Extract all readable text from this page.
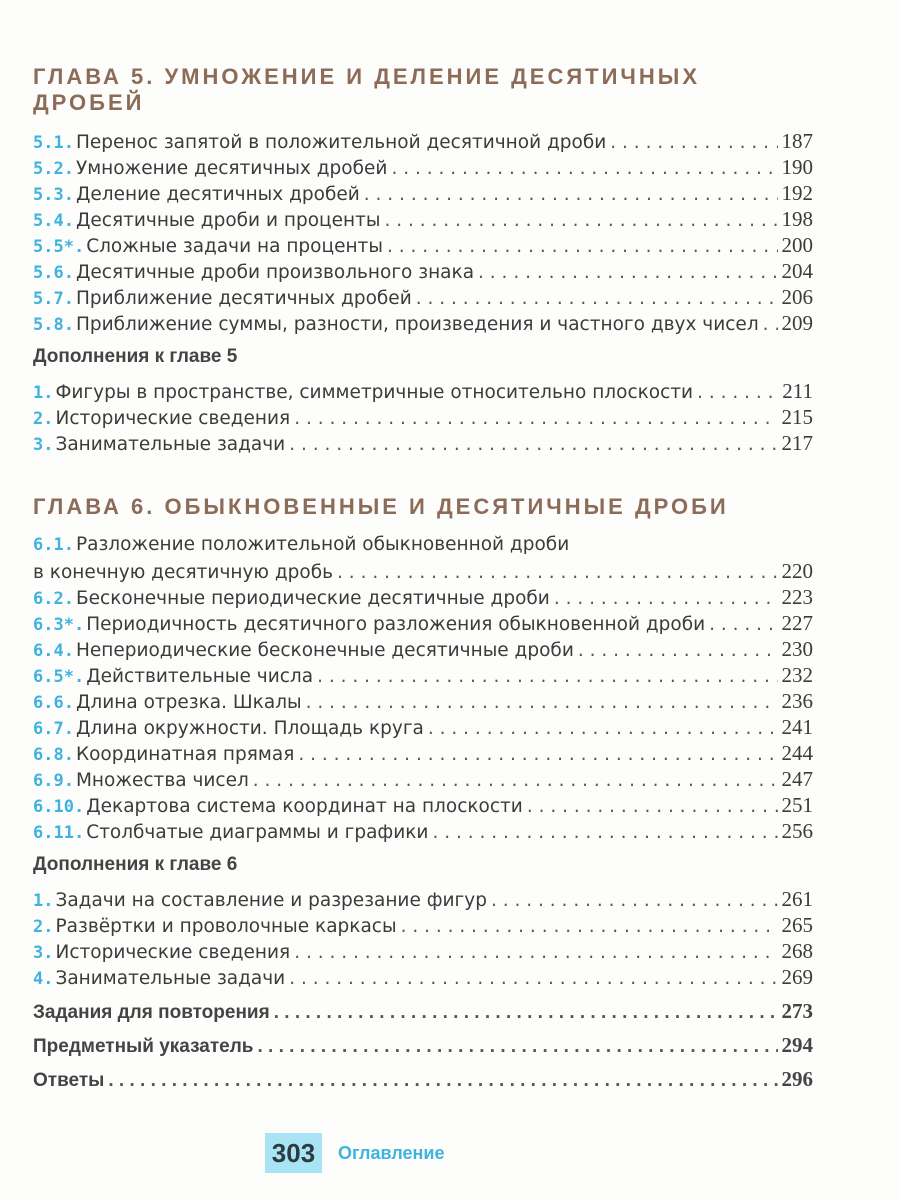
ГЛАВА 5. УМНОЖЕНИЕ И ДЕЛЕНИЕ ДЕСЯТИЧНЫХ ДРОБЕЙ
5.1. Перенос запятой в положительной десятичной дроби . . .	187
5.2. Умножение десятичных дробей . . .	190
5.3. Деление десятичных дробей . . .	192
5.4. Десятичные дроби и проценты . . .	198
5.5*. Сложные задачи на проценты . . .	200
5.6. Десятичные дроби произвольного знака . . .	204
5.7. Приближение десятичных дробей . . .	206
5.8. Приближение суммы, разности, произведения и частного двух чисел . . . 209
Дополнения к главе 5
1. Фигуры в пространстве, симметричные относительно плоскости . . .	211
2. Исторические сведения . . .	215
3. Занимательные задачи . . .	217
ГЛАВА 6. ОБЫКНОВЕННЫЕ И ДЕСЯТИЧНЫЕ ДРОБИ
6.1. Разложение положительной обыкновенной дроби
в конечную десятичную дробь . . .	220
6.2. Бесконечные периодические десятичные дроби . . .	223
6.3*. Периодичность десятичного разложения обыкновенной дроби . . .	227
6.4. Непериодические бесконечные десятичные дроби . . .	230
6.5*. Действительные числа . . .	232
6.6. Длина отрезка. Шкалы . . .	236
6.7. Длина окружности. Площадь круга . . .	241
6.8. Координатная прямая . . .	244
6.9. Множества чисел . . .	247
6.10. Декартова система координат на плоскости . . .	251
6.11. Столбчатые диаграммы и графики . . .	256
Дополнения к главе 6
1. Задачи на составление и разрезание фигур . . .	261
2. Развёртки и проволочные каркасы . . .	265
3. Исторические сведения . . .	268
4. Занимательные задачи . . .	269
Задания для повторения . . .	273
Предметный указатель . . .	294
Ответы . . .	296
303	Оглавление
